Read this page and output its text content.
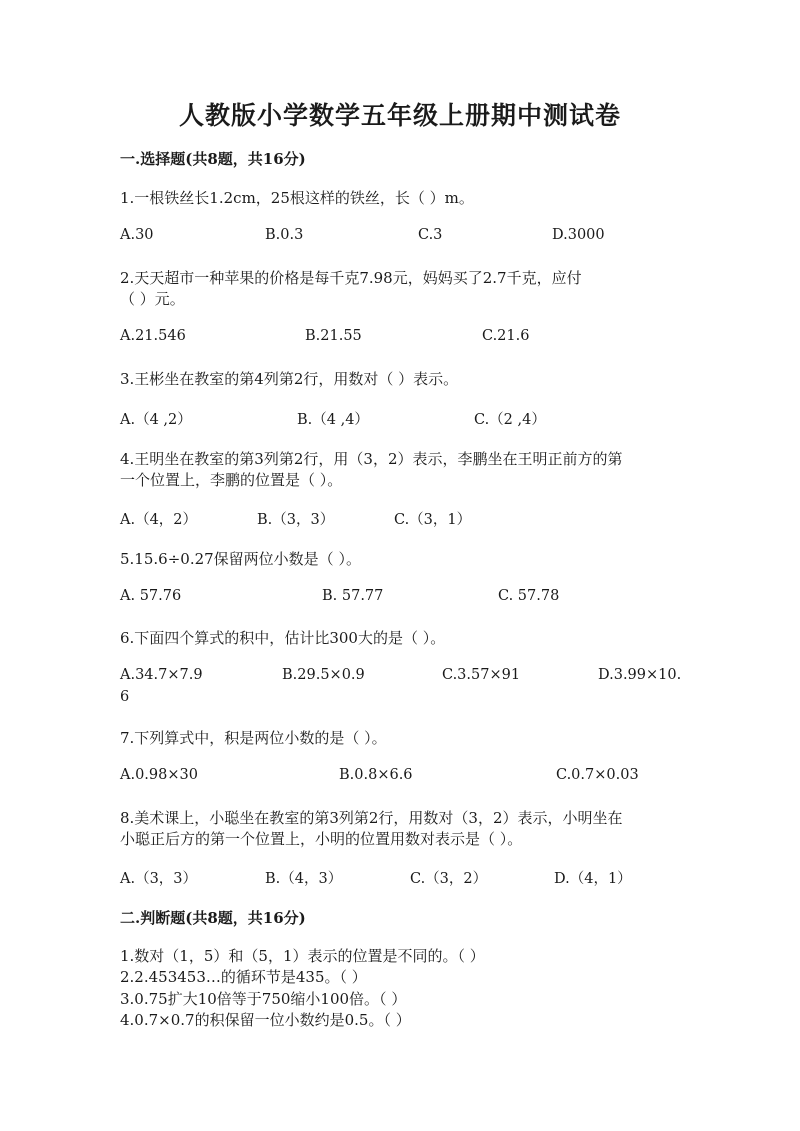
人教版小学数学五年级上册期中测试卷
一.选择题(共8题，共16分)
1.一根铁丝长1.2cm，25根这样的铁丝，长（ ）m。
A.30	B.0.3	C.3	D.3000
2.天天超市一种苹果的价格是每千克7.98元，妈妈买了2.7千克，应付
（ ）元。
A.21.546	B.21.55	C.21.6
3.王彬坐在教室的第4列第2行，用数对（ ）表示。
A.（4 ,2）	B.（4 ,4）	C.（2 ,4）
4.王明坐在教室的第3列第2行，用（3，2）表示，李鹏坐在王明正前方的第
一个位置上，李鹏的位置是（ ）。
A.（4，2）	B.（3，3）	C.（3，1）
5.15.6÷0.27保留两位小数是（ ）。
A. 57.76	B. 57.77	C. 57.78
6.下面四个算式的积中，估计比300大的是（ ）。
A.34.7×7.9	B.29.5×0.9	C.3.57×91	D.3.99×10.
6
7.下列算式中，积是两位小数的是（ ）。
A.0.98×30	B.0.8×6.6	C.0.7×0.03
8.美术课上，小聪坐在教室的第3列第2行，用数对（3，2）表示，小明坐在
小聪正后方的第一个位置上，小明的位置用数对表示是（ ）。
A.（3，3）	B.（4，3）	C.（3，2）	D.（4，1）
二.判断题(共8题，共16分)
1.数对（1，5）和（5，1）表示的位置是不同的。（ ）
2.2.453453…的循环节是435。（ ）
3.0.75扩大10倍等于750缩小100倍。（ ）
4.0.7×0.7的积保留一位小数约是0.5。（ ）
